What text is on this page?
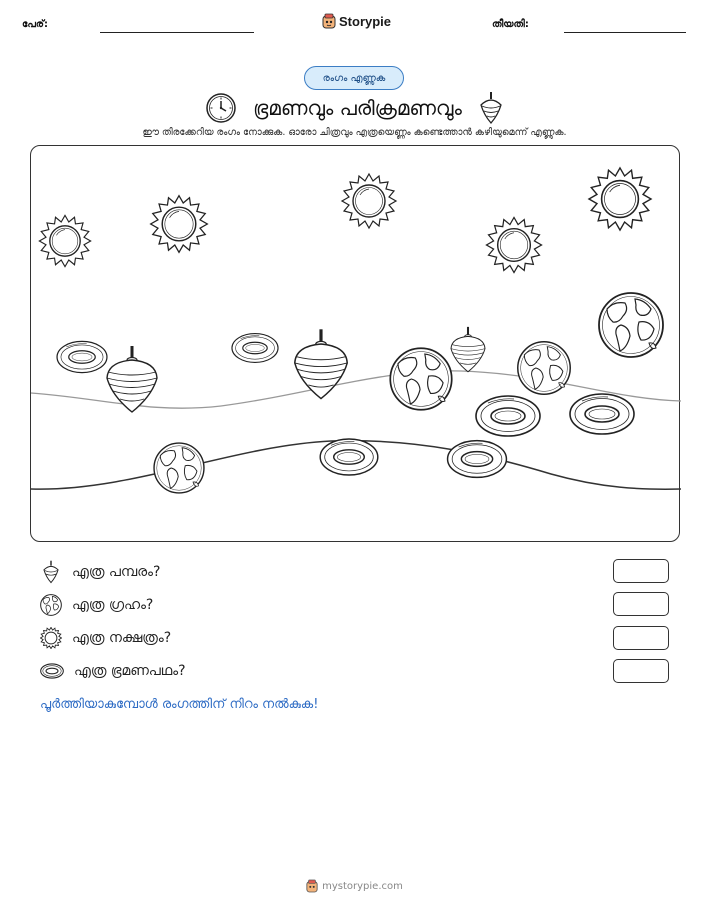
പേര്:	Storypie	തീയതി:
രംഗം എണ്ണുക
ഭ്രമണവും പരിക്രമണവും
ഈ തിരക്കേറിയ രംഗം നോക്കുക. ഓരോ ചിത്രവും എത്രയെണ്ണം കണ്ടെത്താൻ കഴിയുമെന്ന് എണ്ണുക.
എത്ര പമ്പരം?
എത്ര ഗ്രഹം?
എത്ര നക്ഷത്രം?
എത്ര ഭ്രമണപഥം?
പൂർത്തിയാകുമ്പോൾ രംഗത്തിന് നിറം നൽകുക!
mystorypie.com
